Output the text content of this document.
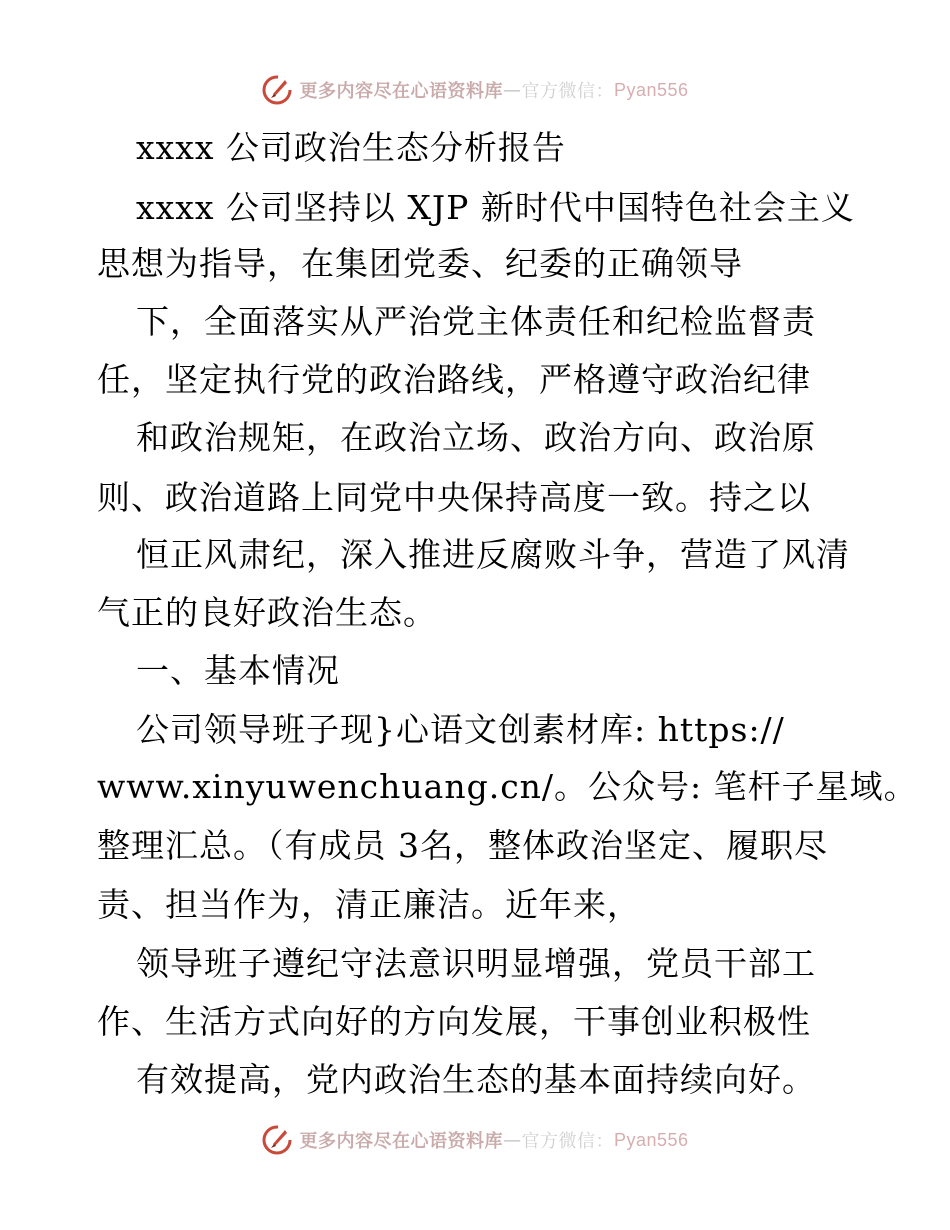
更多内容尽在心语资料库 — 官方微信： Pyan556
xxxx 公司政治生态分析报告
xxxx 公司坚持以 XJP 新时代中国特色社会主义
思想为指导，在集团党委、纪委的正确领导
下，全面落实从严治党主体责任和纪检监督责
任，坚定执行党的政治路线，严格遵守政治纪律
和政治规矩，在政治立场、政治方向、政治原
则、政治道路上同党中央保持高度一致。持之以
恒正风肃纪，深入推进反腐败斗争，营造了风清
气正的良好政治生态。
一、基本情况
公司领导班子现}心语文创素材库: https://
www.xinyuwenchuang.cn/。公众号: 笔杆子星域。
整理汇总。（有成员 3名，整体政治坚定、履职尽
责、担当作为，清正廉洁。近年来，
领导班子遵纪守法意识明显增强，党员干部工
作、生活方式向好的方向发展，干事创业积极性
有效提高，党内政治生态的基本面持续向好。
更多内容尽在心语资料库 — 官方微信： Pyan556
